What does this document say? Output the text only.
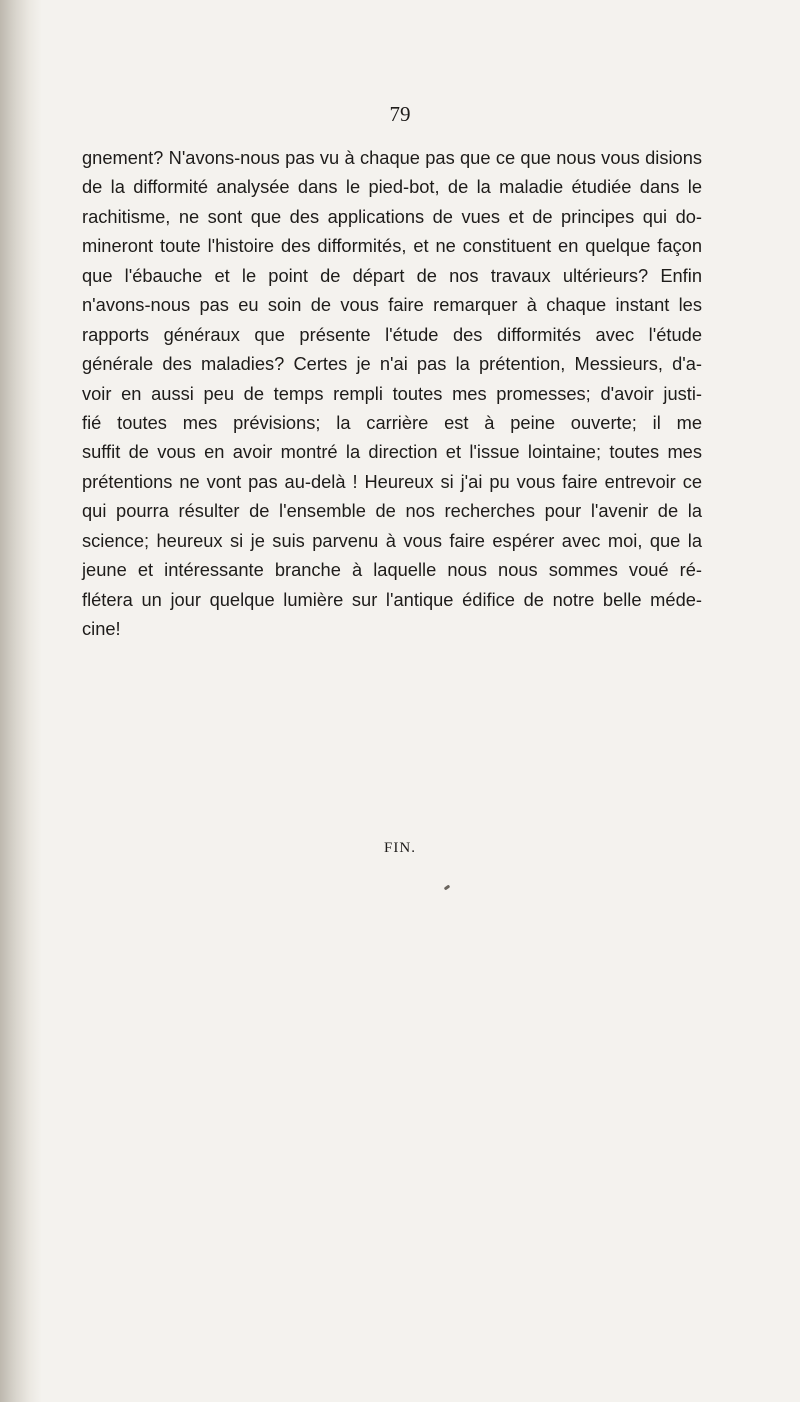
79
gnement? N'avons-nous pas vu à chaque pas que ce que nous vous disions
de la difformité analysée dans le pied-bot, de la maladie étudiée dans le
rachitisme, ne sont que des applications de vues et de principes qui do-
mineront toute l'histoire des difformités, et ne constituent en quelque façon
que l'ébauche et le point de départ de nos travaux ultérieurs? Enfin
n'avons-nous pas eu soin de vous faire remarquer à chaque instant les
rapports généraux que présente l'étude des difformités avec l'étude
générale des maladies? Certes je n'ai pas la prétention, Messieurs, d'a-
voir en aussi peu de temps rempli toutes mes promesses; d'avoir justi-
fié toutes mes prévisions; la carrière est à peine ouverte; il me
suffit de vous en avoir montré la direction et l'issue lointaine; toutes mes
prétentions ne vont pas au-delà ! Heureux si j'ai pu vous faire entrevoir ce
qui pourra résulter de l'ensemble de nos recherches pour l'avenir de la
science; heureux si je suis parvenu à vous faire espérer avec moi, que la
jeune et intéressante branche à laquelle nous nous sommes voué ré-
flétera un jour quelque lumière sur l'antique édifice de notre belle méde-
cine!
FIN.
